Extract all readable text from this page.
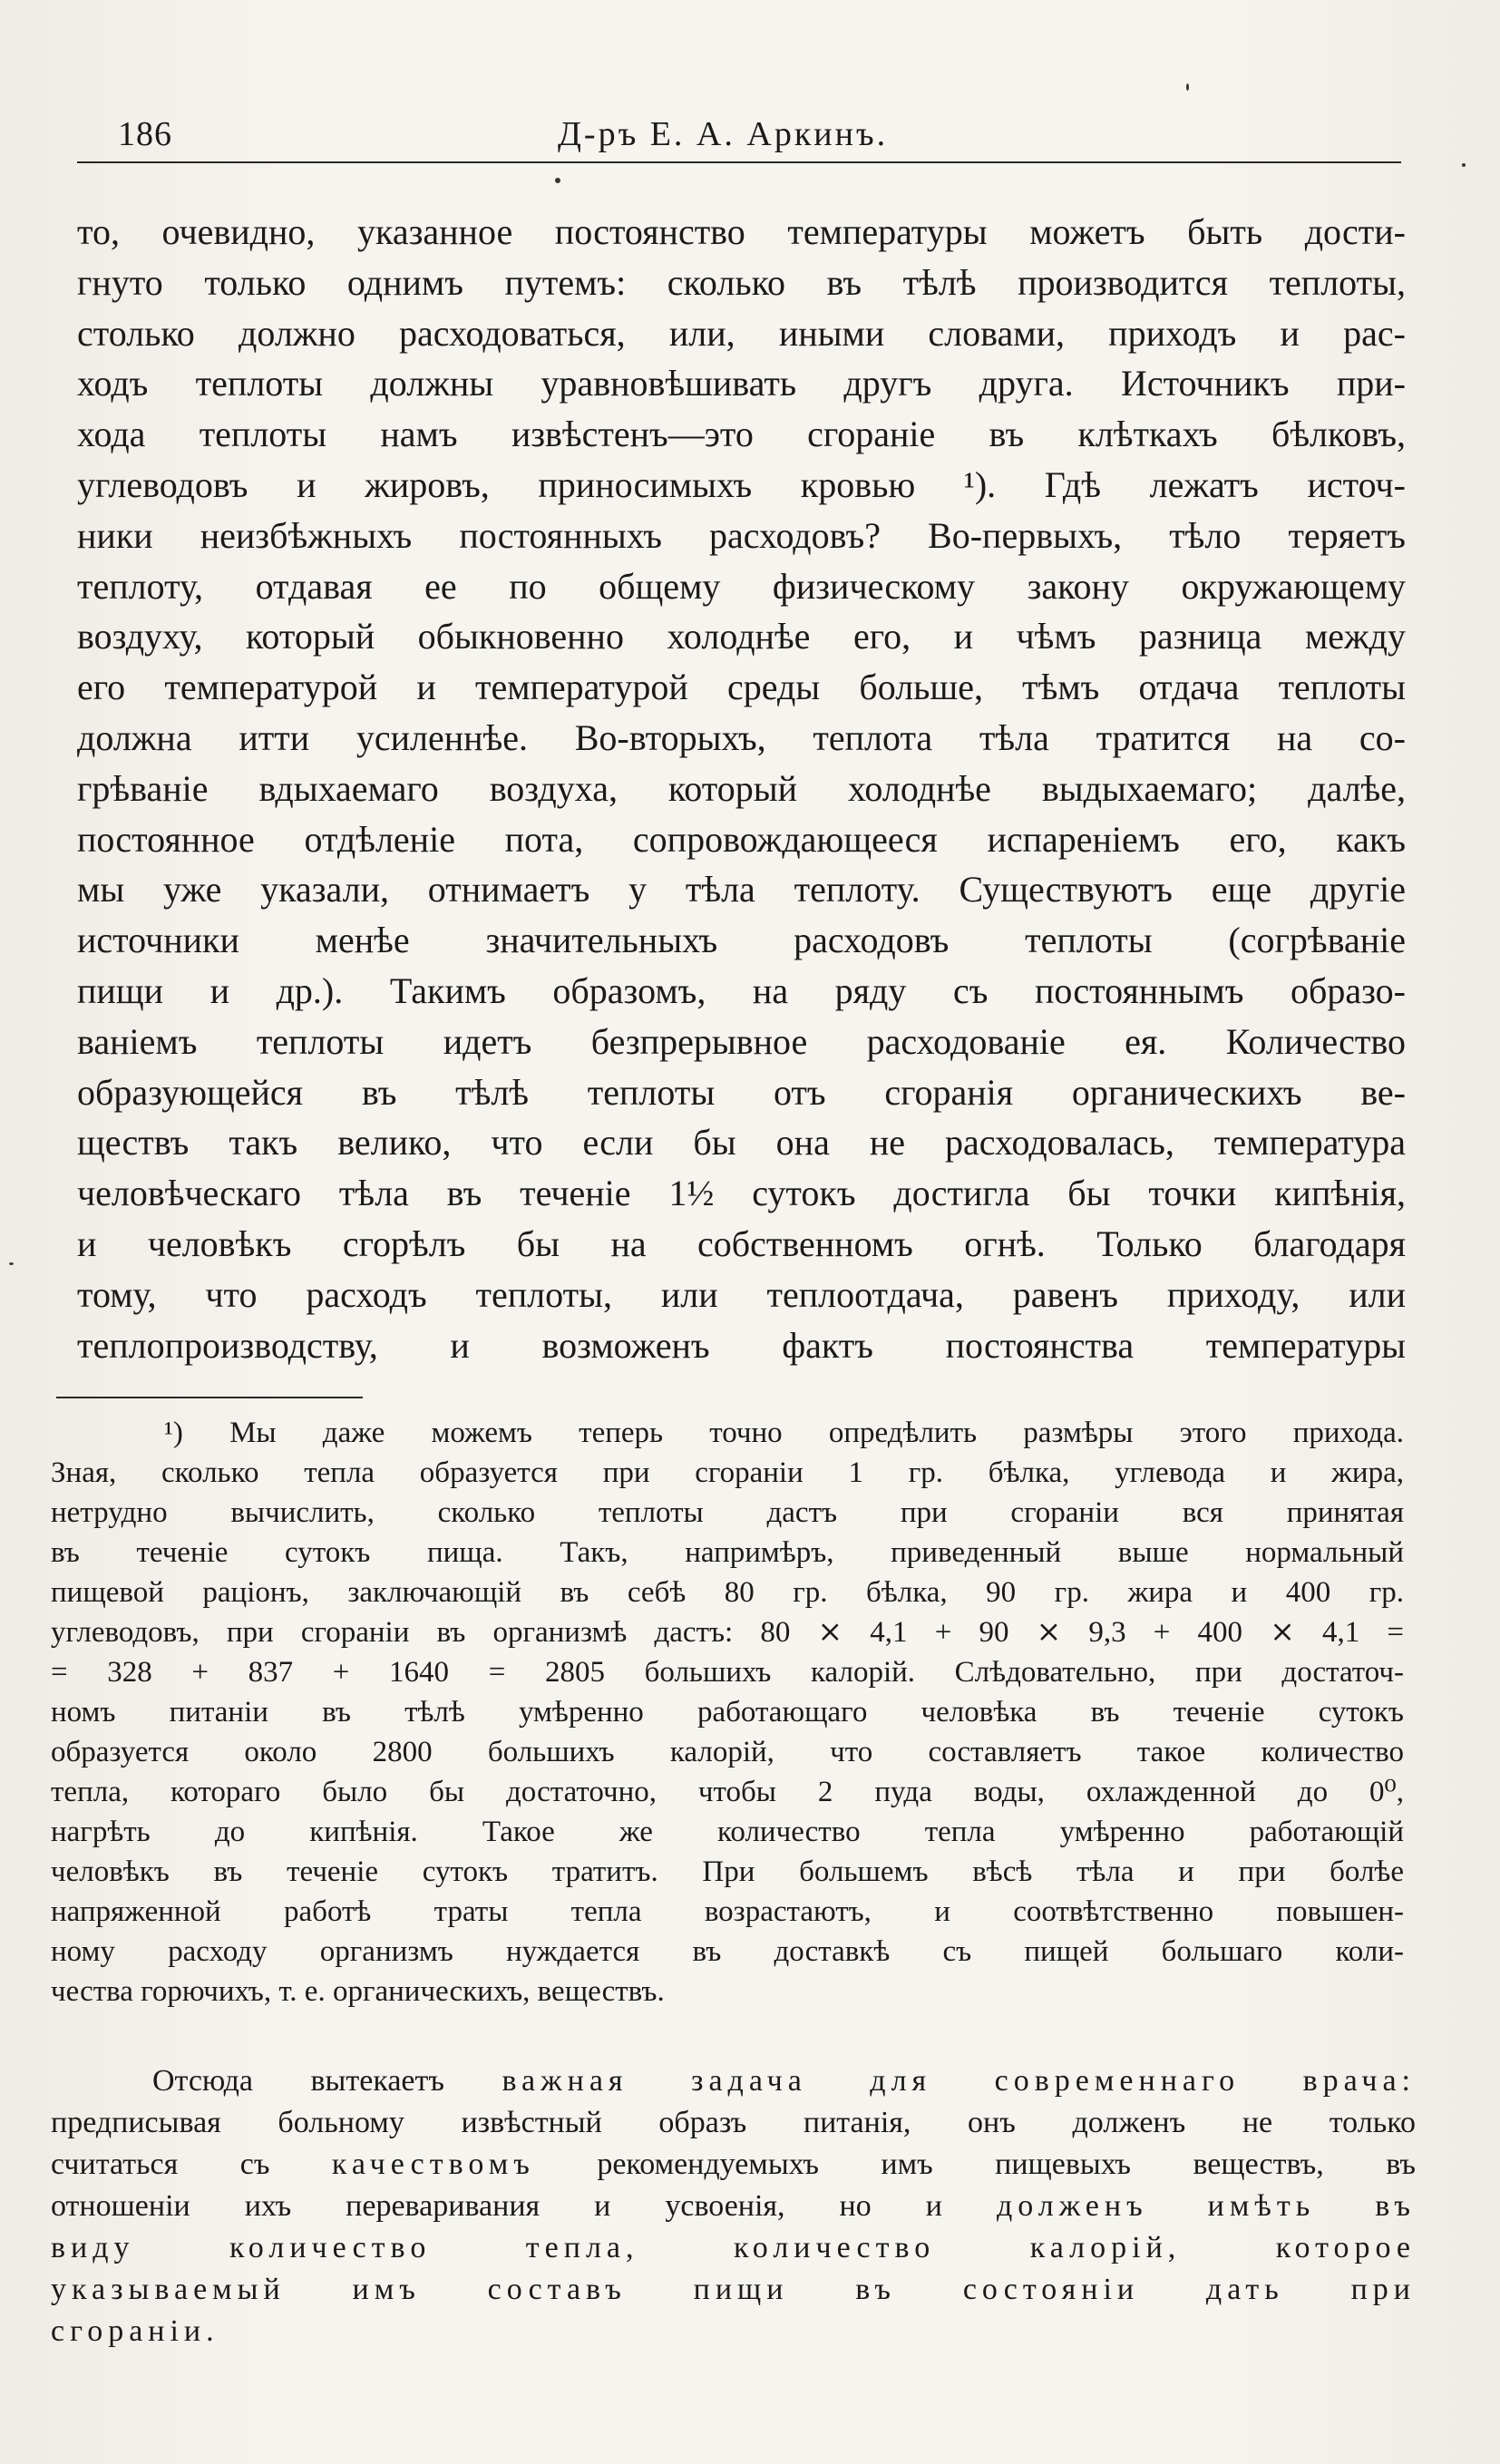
186	Д-ръ Е. А. Аркинъ.
то, очевидно, указанное постоянство температуры можетъ быть дости-
гнуто только однимъ путемъ: сколько въ тѣлѣ производится теплоты,
столько должно расходоваться, или, иными словами, приходъ и рас-
ходъ теплоты должны уравновѣшивать другъ друга. Источникъ при-
хода теплоты намъ извѣстенъ—это сгораніе въ клѣткахъ бѣлковъ,
углеводовъ и жировъ, приносимыхъ кровью ¹). Гдѣ лежатъ источ-
ники неизбѣжныхъ постоянныхъ расходовъ? Во-первыхъ, тѣло теряетъ
теплоту, отдавая ее по общему физическому закону окружающему
воздуху, который обыкновенно холоднѣе его, и чѣмъ разница между
его температурой и температурой среды больше, тѣмъ отдача теплоты
должна итти усиленнѣе. Во-вторыхъ, теплота тѣла тратится на со-
грѣваніе вдыхаемаго воздуха, который холоднѣе выдыхаемаго; далѣе,
постоянное отдѣленіе пота, сопровождающееся испареніемъ его, какъ
мы уже указали, отнимаетъ у тѣла теплоту. Существуютъ еще другіе
источники менѣе значительныхъ расходовъ теплоты (согрѣваніе
пищи и др.). Такимъ образомъ, на ряду съ постояннымъ образо-
ваніемъ теплоты идетъ безпрерывное расходованіе ея. Количество
образующейся въ тѣлѣ теплоты отъ сгоранія органическихъ ве-
ществъ такъ велико, что если бы она не расходовалась, температура
человѣческаго тѣла въ теченіе 1½ сутокъ достигла бы точки кипѣнія,
и человѣкъ сгорѣлъ бы на собственномъ огнѣ. Только благодаря
тому, что расходъ теплоты, или теплоотдача, равенъ приходу, или
теплопроизводству, и возможенъ фактъ постоянства температуры
¹) Мы даже можемъ теперь точно опредѣлить размѣры этого прихода.
Зная, сколько тепла образуется при сгораніи 1 гр. бѣлка, углевода и жира,
нетрудно вычислить, сколько теплоты дастъ при сгораніи вся принятая
въ теченіе сутокъ пища. Такъ, напримѣръ, приведенный выше нормальный
пищевой раціонъ, заключающій въ себѣ 80 гр. бѣлка, 90 гр. жира и 400 гр.
углеводовъ, при сгораніи въ организмѣ дастъ: 80 ⨯ 4,1 + 90 ⨯ 9,3 + 400 ⨯ 4,1 =
= 328 + 837 + 1640 = 2805 большихъ калорій. Слѣдовательно, при достаточ-
номъ питаніи въ тѣлѣ умѣренно работающаго человѣка въ теченіе сутокъ
образуется около 2800 большихъ калорій, что составляетъ такое количество
тепла, котораго было бы достаточно, чтобы 2 пуда воды, охлажденной до 0⁰,
нагрѣть до кипѣнія. Такое же количество тепла умѣренно работающій
человѣкъ въ теченіе сутокъ тратитъ. При большемъ вѣсѣ тѣла и при болѣе
напряженной работѣ траты тепла возрастаютъ, и соотвѣтственно повышен-
ному расходу организмъ нуждается въ доставкѣ съ пищей большаго коли-
чества горючихъ, т. е. органическихъ, веществъ.
Отсюда вытекаетъ важная задача для современнаго врача:
предписывая больному извѣстный образъ питанія, онъ долженъ не только
считаться съ качествомъ рекомендуемыхъ имъ пищевыхъ веществъ, въ
отношеніи ихъ переваривания и усвоенія, но и долженъ имѣть въ
виду количество тепла, количество калорій, которое
указываемый имъ составъ пищи въ состояніи дать при
сгораніи.
